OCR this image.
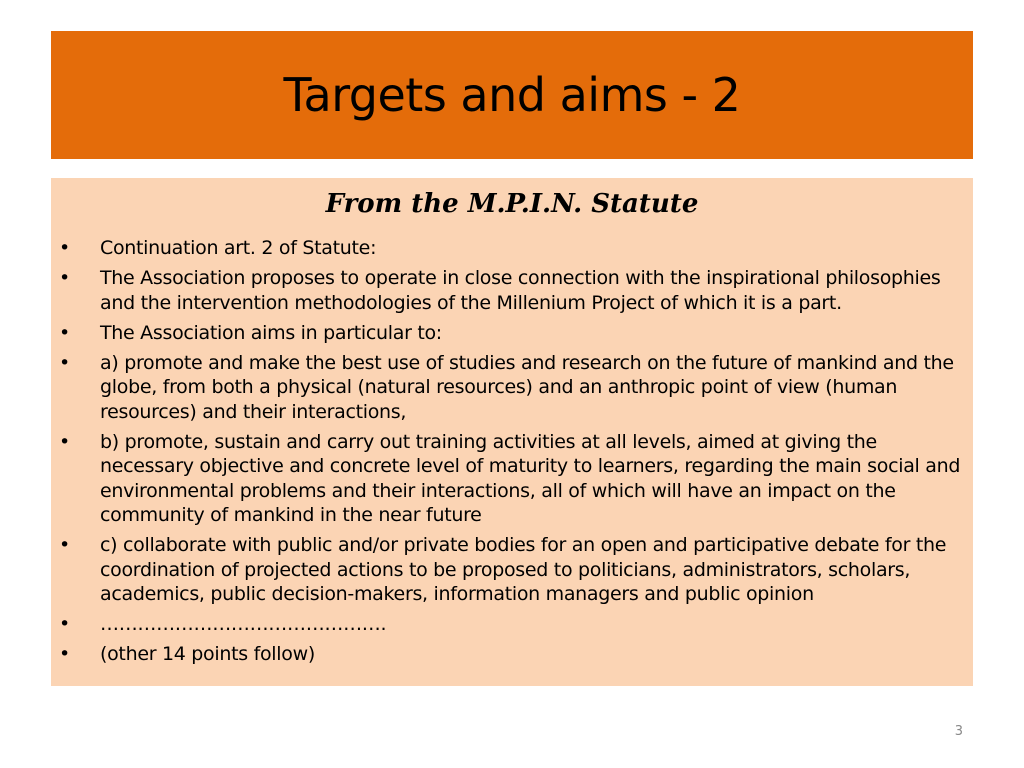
Targets and aims - 2
From the M.P.I.N. Statute
• Continuation art. 2 of Statute:
• The Association proposes to operate in close connection with the inspirational philosophies and the intervention methodologies of the Millenium Project of which it is a part.
• The Association aims in particular to:
• a) promote and make the best use of studies and research on the future of mankind and the globe, from both a physical (natural resources) and an anthropic point of view (human resources) and their interactions,
• b) promote, sustain and carry out training activities at all levels, aimed at giving the necessary objective and concrete level of maturity to learners, regarding the main social and environmental problems and their interactions, all of which will have an impact on the community of mankind in the near future
• c) collaborate with public and/or private bodies for an open and participative debate for the coordination of projected actions to be proposed to politicians, administrators, scholars, academics, public decision-makers, information managers and public opinion
• ……………………………………….
• (other 14 points follow)
3
